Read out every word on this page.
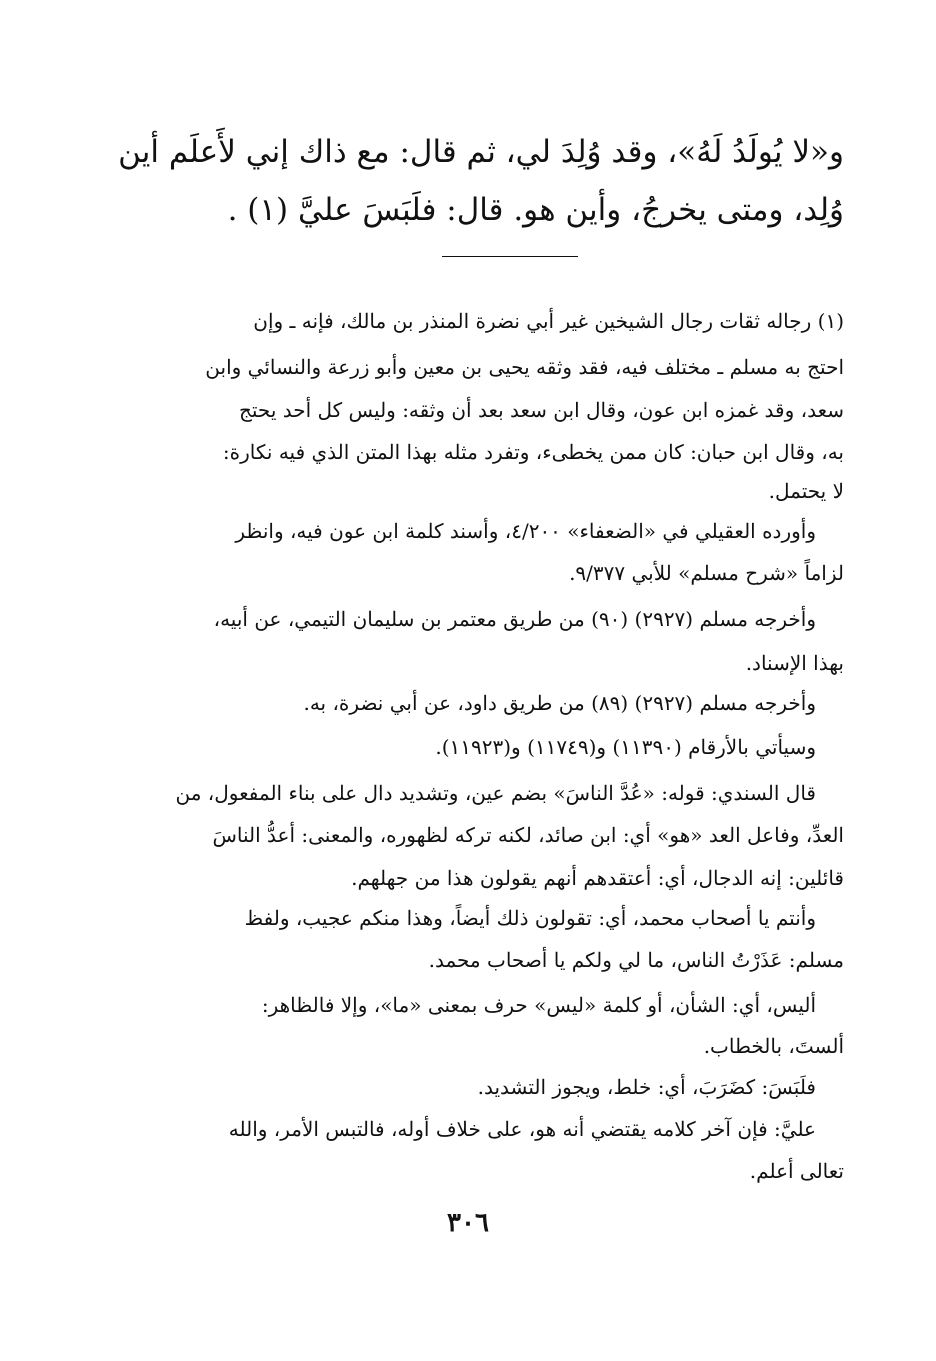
و«لا يُولَدُ لَهُ»، وقد وُلِدَ لي، ثم قال: مع ذاك إني لأَعلَم أين
وُلِد، ومتى يخرجُ، وأين هو. قال: فلَبَسَ عليَّ (١) .
(١) رجاله ثقات رجال الشيخين غير أبي نضرة المنذر بن مالك، فإنه ـ وإن
احتج به مسلم ـ مختلف فيه، فقد وثقه يحيى بن معين وأبو زرعة والنسائي وابن
سعد، وقد غمزه ابن عون، وقال ابن سعد بعد أن وثقه: وليس كل أحد يحتج
به، وقال ابن حبان: كان ممن يخطىء، وتفرد مثله بهذا المتن الذي فيه نكارة:
لا يحتمل.
وأورده العقيلي في «الضعفاء» ٤/٢٠٠، وأسند كلمة ابن عون فيه، وانظر
لزاماً «شرح مسلم» للأبي ٩/٣٧٧.
وأخرجه مسلم (٢٩٢٧) (٩٠) من طريق معتمر بن سليمان التيمي، عن أبيه،
بهذا الإسناد.
وأخرجه مسلم (٢٩٢٧) (٨٩) من طريق داود، عن أبي نضرة، به.
وسيأتي بالأرقام (١١٣٩٠) و(١١٧٤٩) و(١١٩٢٣).
قال السندي: قوله: «عُدَّ الناسَ» بضم عين، وتشديد دال على بناء المفعول، من
العدِّ، وفاعل العد «هو» أي: ابن صائد، لكنه تركه لظهوره، والمعنى: أعدُّ الناسَ
قائلين: إنه الدجال، أي: أعتقدهم أنهم يقولون هذا من جهلهم.
وأنتم يا أصحاب محمد، أي: تقولون ذلك أيضاً، وهذا منكم عجيب، ولفظ
مسلم: عَذَرْتُ الناس، ما لي ولكم يا أصحاب محمد.
أليس، أي: الشأن، أو كلمة «ليس» حرف بمعنى «ما»، وإلا فالظاهر:
ألستَ، بالخطاب.
فلَبَسَ: كضَرَبَ، أي: خلط، ويجوز التشديد.
عليَّ: فإن آخر كلامه يقتضي أنه هو، على خلاف أوله، فالتبس الأمر، والله
تعالى أعلم.
٣٠٦
